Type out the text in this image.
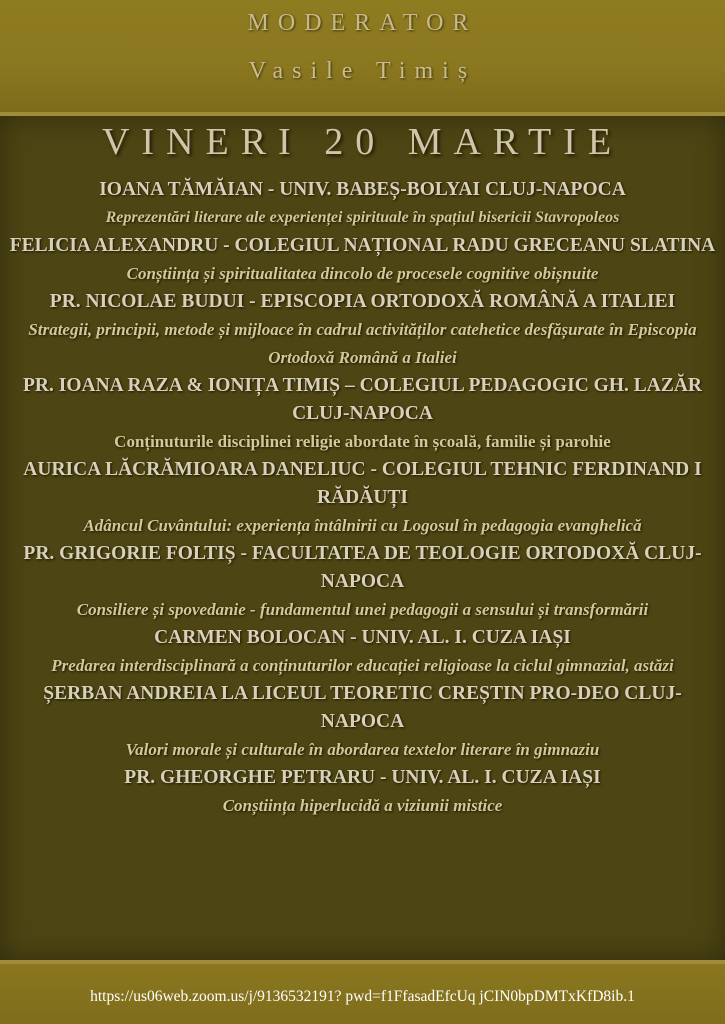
MODERATOR
Vasile Timiș
VINERI 20 MARTIE
IOANA TĂMĂIAN - UNIV. BABEȘ-BOLYAI CLUJ-NAPOCA
Reprezentări literare ale experienței spirituale în spațiul bisericii Stavropoleos
FELICIA ALEXANDRU - COLEGIUL NAȚIONAL RADU GRECEANU SLATINA
Conștiința și spiritualitatea dincolo de procesele cognitive obișnuite
PR. NICOLAE BUDUI - EPISCOPIA ORTODOXĂ ROMÂNĂ A ITALIEI
Strategii, principii, metode și mijloace în cadrul activităților catehetice desfășurate în Episcopia Ortodoxă Română a Italiei
PR. IOANA RAZA & IONIȚA TIMIȘ – COLEGIUL PEDAGOGIC GH. LAZĂR CLUJ-NAPOCA
Conținuturile disciplinei religie abordate în școală, familie și parohie
AURICA LĂCRĂMIOARA DANELIUC - COLEGIUL TEHNIC FERDINAND I RĂDĂUȚI
Adâncul Cuvântului: experiența întâlnirii cu Logosul în pedagogia evanghelică
PR. GRIGORIE FOLTIȘ - FACULTATEA DE TEOLOGIE ORTODOXĂ CLUJ-NAPOCA
Consiliere și spovedanie - fundamentul unei pedagogii a sensului și transformării
CARMEN BOLOCAN - UNIV. AL. I. CUZA IAȘI
Predarea interdisciplinară a conținuturilor educației religioase la ciclul gimnazial, astăzi
ȘERBAN ANDREIA LA LICEUL TEORETIC CREȘTIN PRO-DEO CLUJ-NAPOCA
Valori morale și culturale în abordarea textelor literare în gimnaziu
PR. GHEORGHE PETRARU - UNIV. AL. I. CUZA IAȘI
Conștiința hiperlucidă a viziunii mistice
https://us06web.zoom.us/j/9136532191? pwd=f1FfasadEfcUq jCIN0bpDMTxKfD8ib.1
